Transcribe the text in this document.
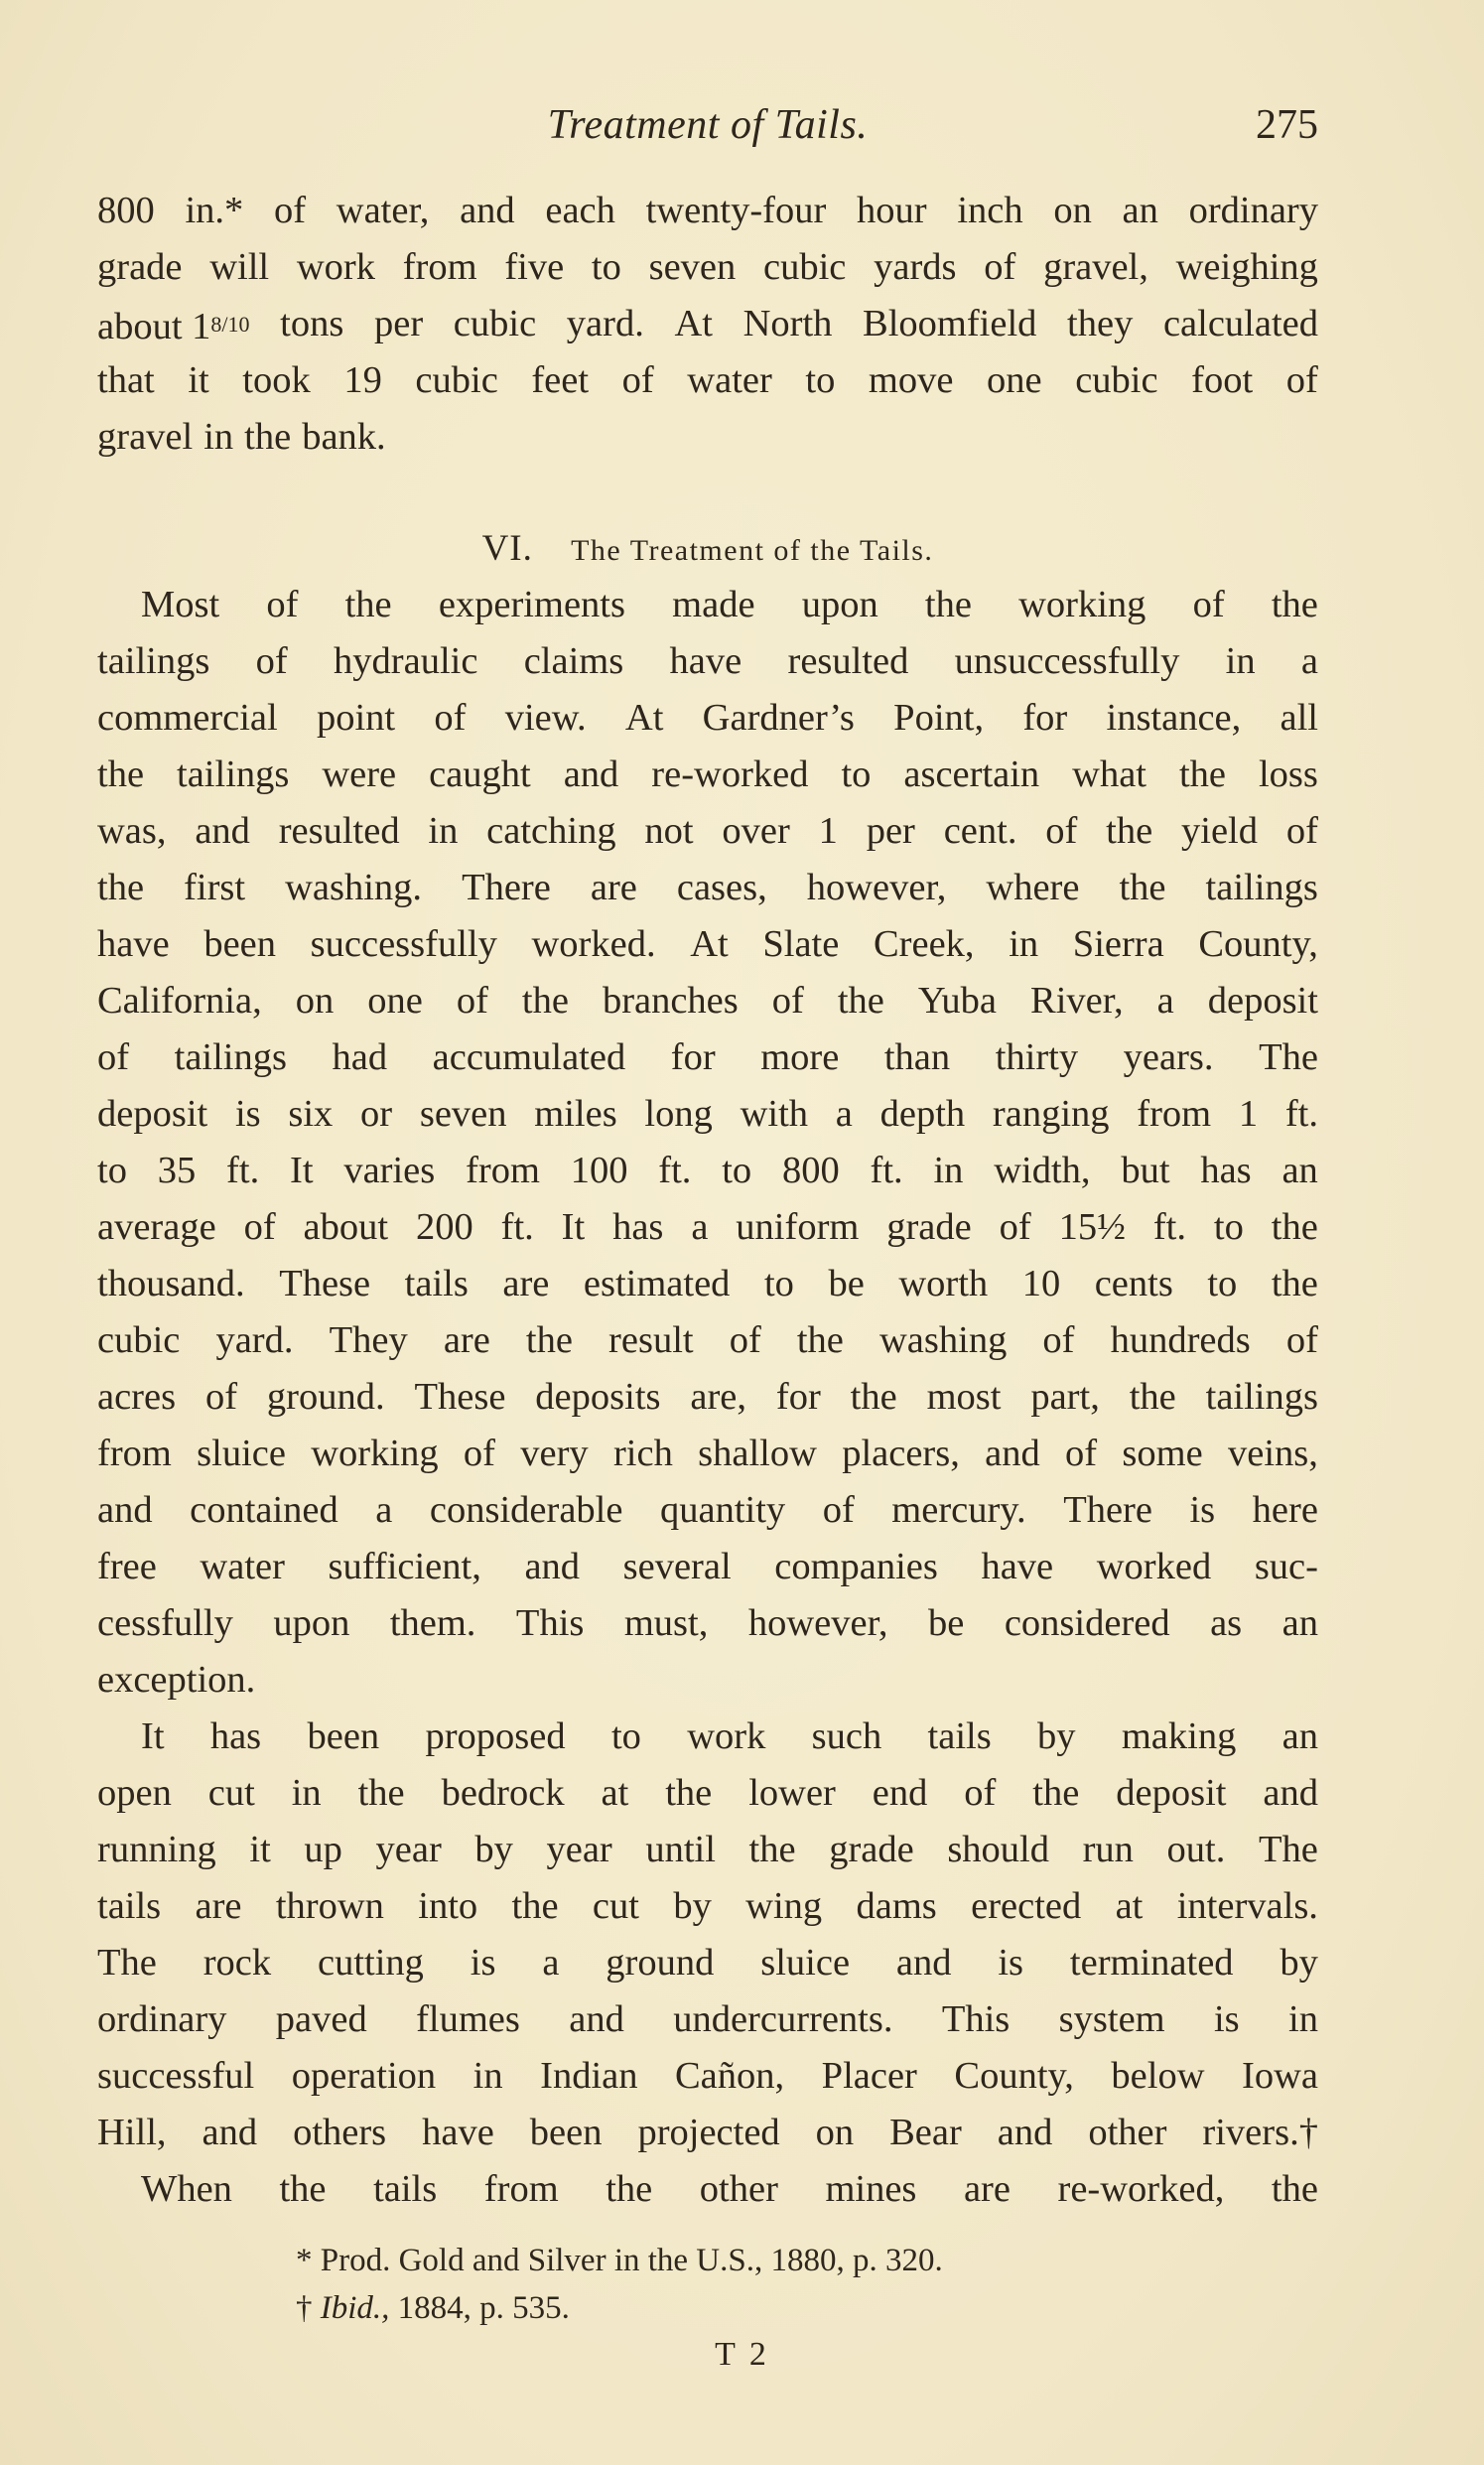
Treatment of Tails.	275
800 in.* of water, and each twenty-four hour inch on an ordinary
grade will work from five to seven cubic yards of gravel, weighing
about 18/10 tons per cubic yard. At North Bloomfield they calculated
that it took 19 cubic feet of water to move one cubic foot of
gravel in the bank.
VI. The Treatment of the Tails.
Most of the experiments made upon the working of the
tailings of hydraulic claims have resulted unsuccessfully in a
commercial point of view. At Gardner’s Point, for instance, all
the tailings were caught and re-worked to ascertain what the loss
was, and resulted in catching not over 1 per cent. of the yield of
the first washing. There are cases, however, where the tailings
have been successfully worked. At Slate Creek, in Sierra County,
California, on one of the branches of the Yuba River, a deposit
of tailings had accumulated for more than thirty years. The
deposit is six or seven miles long with a depth ranging from 1 ft.
to 35 ft. It varies from 100 ft. to 800 ft. in width, but has an
average of about 200 ft. It has a uniform grade of 15½ ft. to the
thousand. These tails are estimated to be worth 10 cents to the
cubic yard. They are the result of the washing of hundreds of
acres of ground. These deposits are, for the most part, the tailings
from sluice working of very rich shallow placers, and of some veins,
and contained a considerable quantity of mercury. There is here
free water sufficient, and several companies have worked suc-
cessfully upon them. This must, however, be considered as an
exception.
It has been proposed to work such tails by making an
open cut in the bedrock at the lower end of the deposit and
running it up year by year until the grade should run out. The
tails are thrown into the cut by wing dams erected at intervals.
The rock cutting is a ground sluice and is terminated by
ordinary paved flumes and undercurrents. This system is in
successful operation in Indian Cañon, Placer County, below Iowa
Hill, and others have been projected on Bear and other rivers.†
When the tails from the other mines are re-worked, the
* Prod. Gold and Silver in the U.S., 1880, p. 320.
† Ibid., 1884, p. 535.
T 2
